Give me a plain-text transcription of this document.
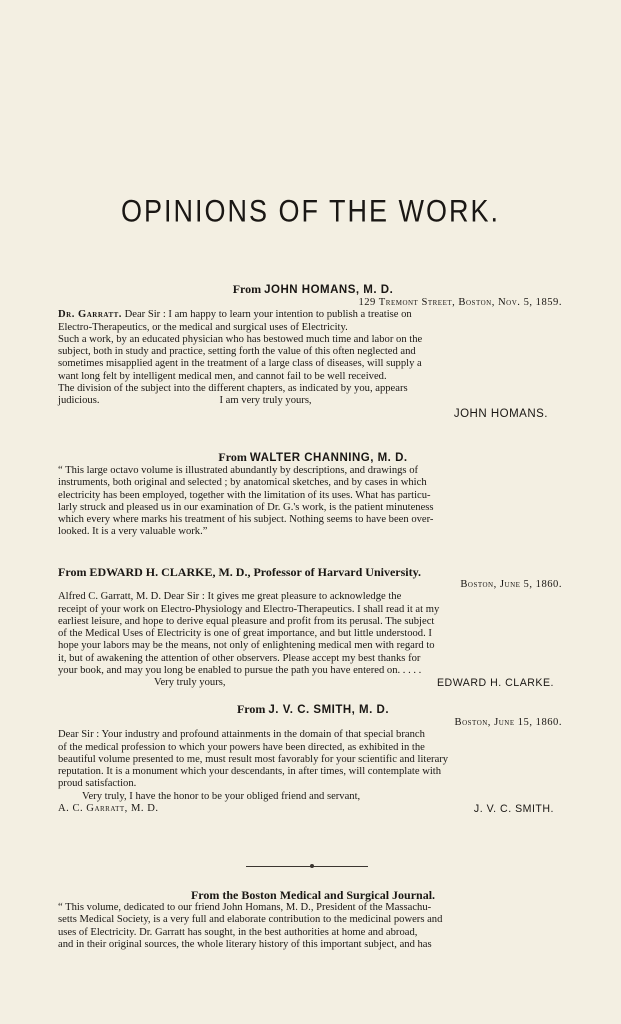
OPINIONS OF THE WORK.

From JOHN HOMANS, M. D.

129 Tremont Street, Boston, Nov. 5, 1859.

Dr. Garratt. Dear Sir : I am happy to learn your intention to publish a treatise on

Electro-Therapeutics, or the medical and surgical uses of Electricity.

Such a work, by an educated physician who has bestowed much time and labor on the

subject, both in study and practice, setting forth the value of this often neglected and

sometimes misapplied agent in the treatment of a large class of diseases, will supply a

want long felt by intelligent medical men, and cannot fail to be well received.

The division of the subject into the different chapters, as indicated by you, appears

judicious.	I am very truly yours,

JOHN HOMANS.

From WALTER CHANNING, M. D.

“ This large octavo volume is illustrated abundantly by descriptions, and drawings of

instruments, both original and selected ; by anatomical sketches, and by cases in which

electricity has been employed, together with the limitation of its uses. What has particu-

larly struck and pleased us in our examination of Dr. G.'s work, is the patient minuteness

which every where marks his treatment of his subject. Nothing seems to have been over-

looked. It is a very valuable work.”

From EDWARD H. CLARKE, M. D., Professor of Harvard University.

Boston, June 5, 1860.

Alfred C. Garratt, M. D. Dear Sir : It gives me great pleasure to acknowledge the

receipt of your work on Electro-Physiology and Electro-Therapeutics. I shall read it at my

earliest leisure, and hope to derive equal pleasure and profit from its perusal. The subject

of the Medical Uses of Electricity is one of great importance, and but little understood. I

hope your labors may be the means, not only of enlightening medical men with regard to

it, but of awakening the attention of other observers. Please accept my best thanks for

your book, and may you long be enabled to pursue the path you have entered on. . . . .

Very truly yours,	EDWARD H. CLARKE.

From J. V. C. SMITH, M. D.

Boston, June 15, 1860.

Dear Sir : Your industry and profound attainments in the domain of that special branch

of the medical profession to which your powers have been directed, as exhibited in the

beautiful volume presented to me, must result most favorably for your scientific and literary

reputation. It is a monument which your descendants, in after times, will contemplate with

proud satisfaction.

Very truly, I have the honor to be your obliged friend and servant,

A. C. Garratt, M. D.	J. V. C. SMITH.

From the Boston Medical and Surgical Journal.

“ This volume, dedicated to our friend John Homans, M. D., President of the Massachu-

setts Medical Society, is a very full and elaborate contribution to the medicinal powers and

uses of Electricity. Dr. Garratt has sought, in the best authorities at home and abroad,

and in their original sources, the whole literary history of this important subject, and has
